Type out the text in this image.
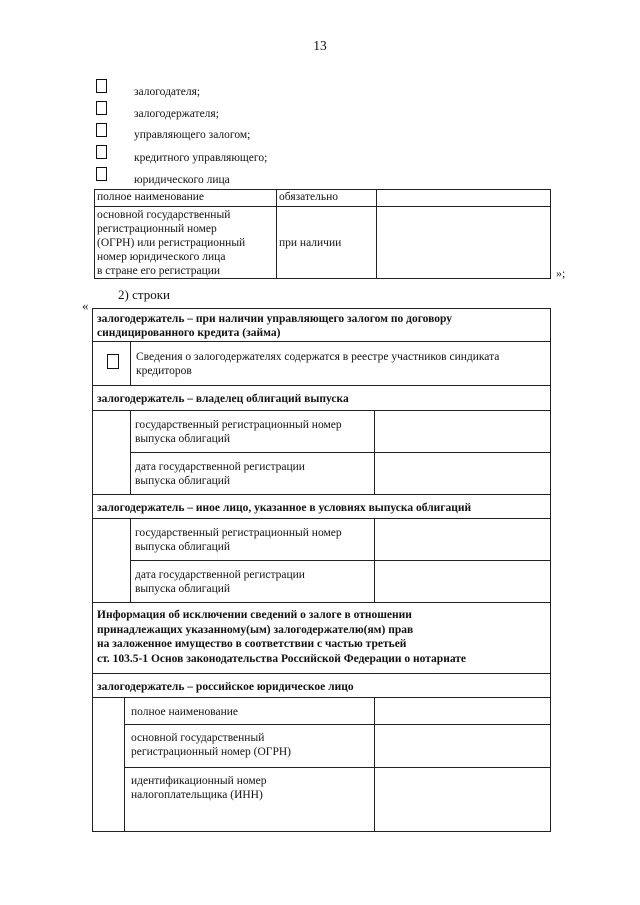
13
залогодателя;
залогодержателя;
управляющего залогом;
кредитного управляющего;
юридического лица
полное наименование	обязательно	

основной государственный
регистрационный номер
(ОГРН) или регистрационный
номер юридического лица
в стране его регистрации	при наличии	
»;
2) строки
«
залогодержатель – при наличии управляющего залогом по договору
синдицированного кредита (займа)
Сведения о залогодержателях содержатся в реестре участников синдиката
кредиторов
залогодержатель – владелец облигаций выпуска
государственный регистрационный номер
выпуска облигаций
дата государственной регистрации
выпуска облигаций
залогодержатель – иное лицо, указанное в условиях выпуска облигаций
государственный регистрационный номер
выпуска облигаций
дата государственной регистрации
выпуска облигаций
Информация об исключении сведений о залоге в отношении
принадлежащих указанному(ым) залогодержателю(ям) прав
на заложенное имущество в соответствии с частью третьей
ст. 103.5-1 Основ законодательства Российской Федерации о нотариате
залогодержатель – российское юридическое лицо
полное наименование
основной государственный
регистрационный номер (ОГРН)
идентификационный номер
налогоплательщика (ИНН)
